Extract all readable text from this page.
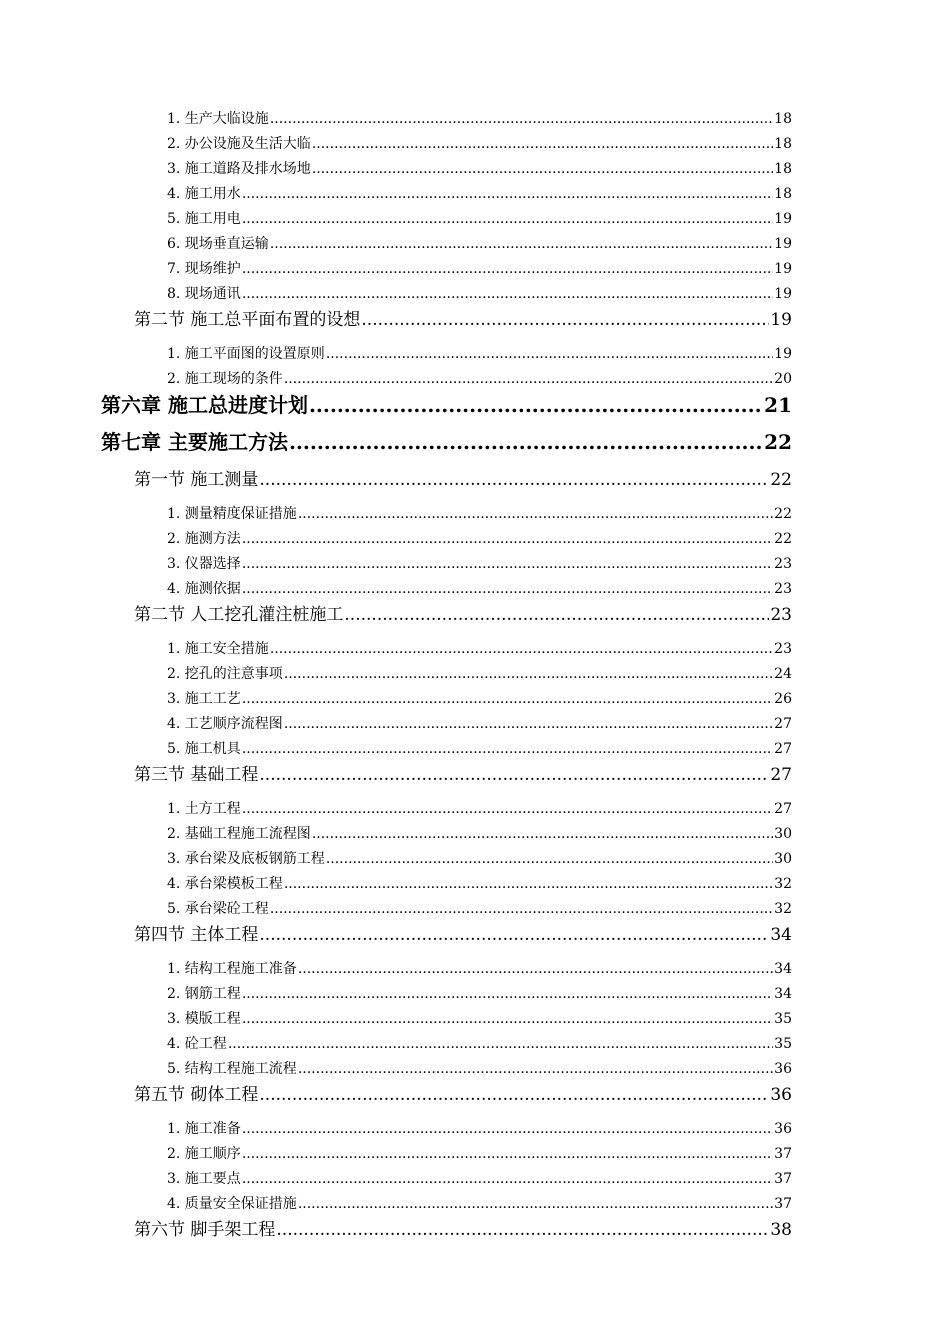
1. 生产大临设施 .....	18
2. 办公设施及生活大临 .....	18
3. 施工道路及排水场地 .....	18
4. 施工用水 .....	18
5. 施工用电 .....	19
6. 现场垂直运输 .....	19
7. 现场维护 .....	19
8. 现场通讯 .....	19
第二节 施工总平面布置的设想 .....	19
1. 施工平面图的设置原则 .....	19
2. 施工现场的条件 .....	20
第六章 施工总进度计划 .....	21
第七章 主要施工方法 .....	22
第一节 施工测量 .....	22
1. 测量精度保证措施 .....	22
2. 施测方法 .....	22
3. 仪器选择 .....	23
4. 施测依据 .....	23
第二节 人工挖孔灌注桩施工 .....	23
1. 施工安全措施 .....	23
2. 挖孔的注意事项 .....	24
3. 施工工艺 .....	26
4. 工艺顺序流程图 .....	27
5. 施工机具 .....	27
第三节 基础工程 .....	27
1. 土方工程 .....	27
2. 基础工程施工流程图 .....	30
3. 承台梁及底板钢筋工程 .....	30
4. 承台梁模板工程 .....	32
5. 承台梁砼工程 .....	32
第四节 主体工程 .....	34
1. 结构工程施工准备 .....	34
2. 钢筋工程 .....	34
3. 模版工程 .....	35
4. 砼工程 .....	35
5. 结构工程施工流程 .....	36
第五节 砌体工程 .....	36
1. 施工准备 .....	36
2. 施工顺序 .....	37
3. 施工要点 .....	37
4. 质量安全保证措施 .....	37
第六节 脚手架工程 .....	38
